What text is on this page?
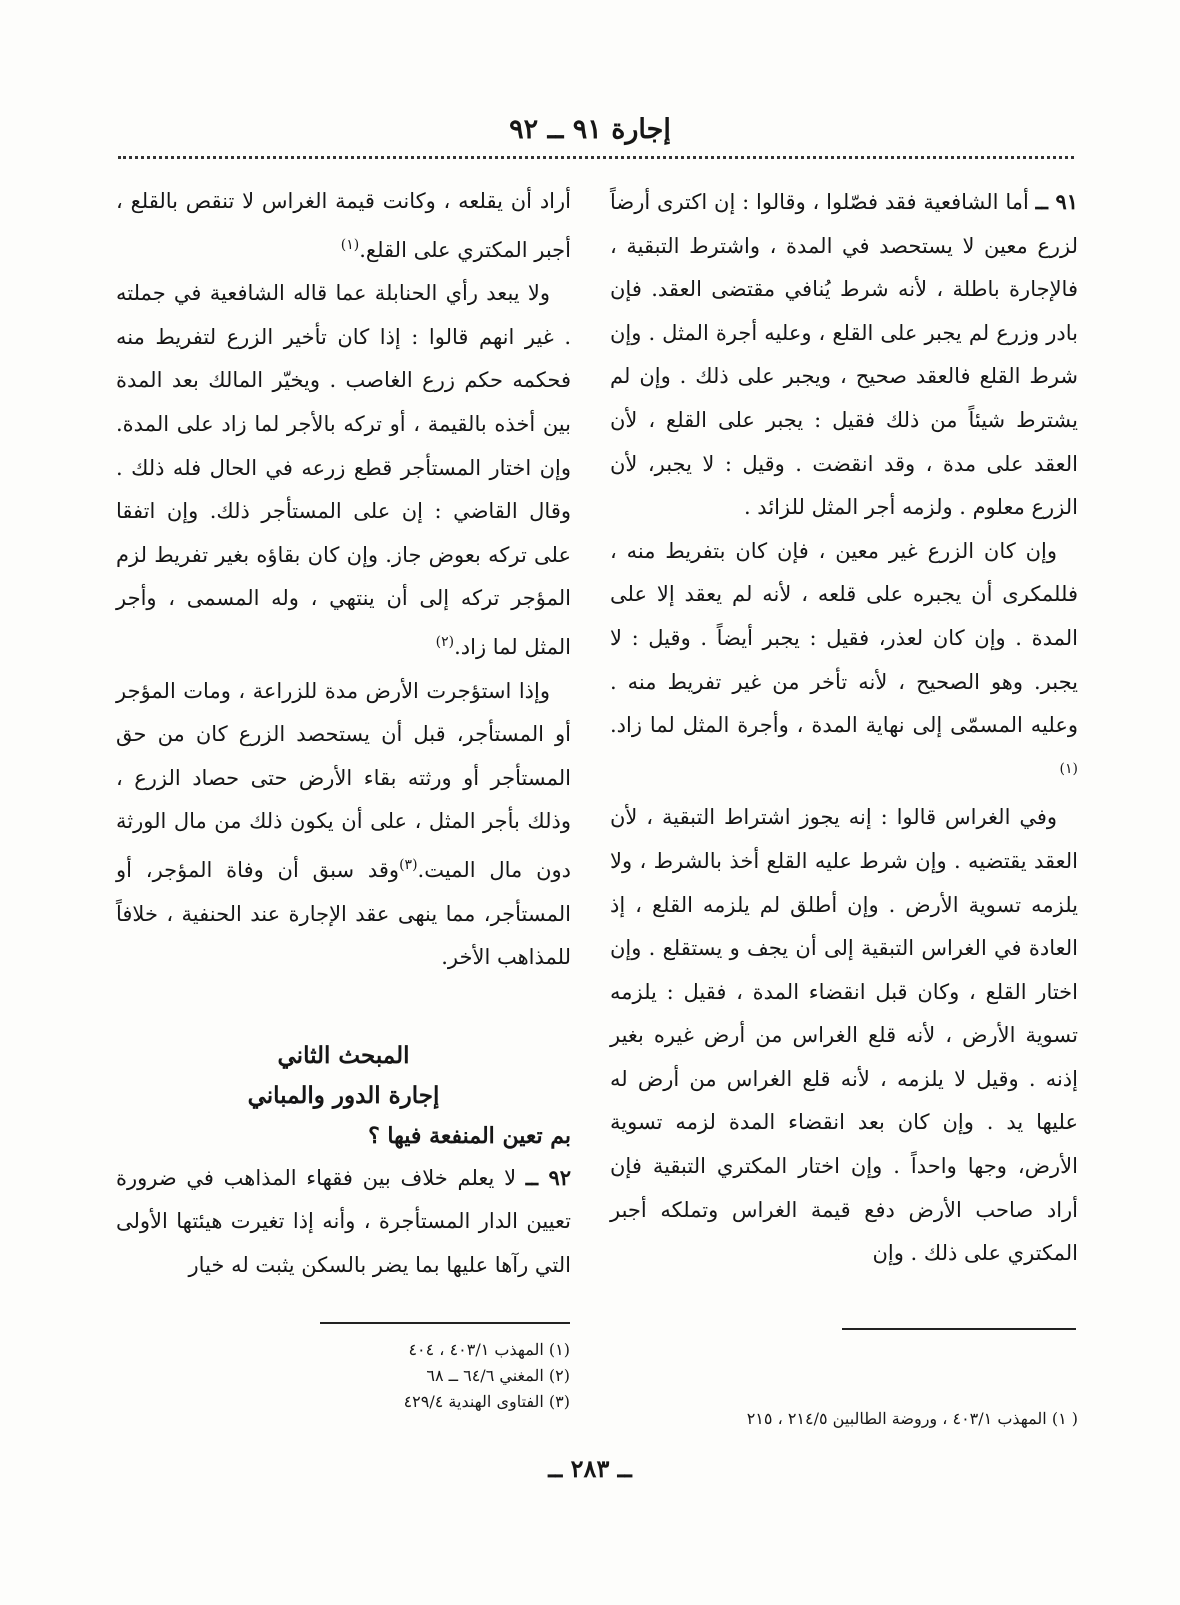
إجارة ٩١ ــ ٩٢

٩١ ــ أما الشافعية فقد فصّلوا ، وقالوا : إن اكترى أرضاً لزرع معين لا يستحصد في المدة ، واشترط التبقية ، فالإجارة باطلة ، لأنه شرط يُنافي مقتضى العقد. فإن بادر وزرع لم يجبر على القلع ، وعليه أجرة المثل . وإن شرط القلع فالعقد صحيح ، ويجبر على ذلك . وإن لم يشترط شيئاً من ذلك فقيل : يجبر على القلع ، لأن العقد على مدة ، وقد انقضت . وقيل : لا يجبر، لأن الزرع معلوم . ولزمه أجر المثل للزائد .

 وإن كان الزرع غير معين ، فإن كان بتفريط منه ، فللمكرى أن يجبره على قلعه ، لأنه لم يعقد إلا على المدة . وإن كان لعذر، فقيل : يجبر أيضاً . وقيل : لا يجبر. وهو الصحيح ، لأنه تأخر من غير تفريط منه . وعليه المسمّى إلى نهاية المدة ، وأجرة المثل لما زاد.$^{(١)}$

 وفي الغراس قالوا : إنه يجوز اشتراط التبقية ، لأن العقد يقتضيه . وإن شرط عليه القلع أخذ بالشرط ، ولا يلزمه تسوية الأرض . وإن أطلق لم يلزمه القلع ، إذ العادة في الغراس التبقية إلى أن يجف و يستقلع . وإن اختار القلع ، وكان قبل انقضاء المدة ، فقيل : يلزمه تسوية الأرض ، لأنه قلع الغراس من أرض غيره بغير إذنه . وقيل لا يلزمه ، لأنه قلع الغراس من أرض له عليها يد . وإن كان بعد انقضاء المدة لزمه تسوية الأرض، وجها واحداً . وإن اختار المكتري التبقية فإن أراد صاحب الأرض دفع قيمة الغراس وتملكه أجبر المكتري على ذلك . وإن

أراد أن يقلعه ، وكانت قيمة الغراس لا تنقص بالقلع ، أجبر المكتري على القلع.$^{(١)}$

 ولا يبعد رأي الحنابلة عما قاله الشافعية في جملته . غير انهم قالوا : إذا كان تأخير الزرع لتفريط منه فحكمه حكم زرع الغاصب . ويخيّر المالك بعد المدة بين أخذه بالقيمة ، أو تركه بالأجر لما زاد على المدة. وإن اختار المستأجر قطع زرعه في الحال فله ذلك . وقال القاضي : إن على المستأجر ذلك. وإن اتفقا على تركه بعوض جاز. وإن كان بقاؤه بغير تفريط لزم المؤجر تركه إلى أن ينتهي ، وله المسمى ، وأجر المثل لما زاد.$^{(٢)}$

 وإذا استؤجرت الأرض مدة للزراعة ، ومات المؤجر أو المستأجر، قبل أن يستحصد الزرع كان من حق المستأجر أو ورثته بقاء الأرض حتى حصاد الزرع ، وذلك بأجر المثل ، على أن يكون ذلك من مال الورثة دون مال الميت.$^{(٣)}$وقد سبق أن وفاة المؤجر، أو المستأجر، مما ينهى عقد الإجارة عند الحنفية ، خلافاً للمذاهب الأخر.

المبحث الثاني
إجارة الدور والمباني
بم تعين المنفعة فيها ؟

٩٢ ــ لا يعلم خلاف بين فقهاء المذاهب في ضرورة تعيين الدار المستأجرة ، وأنه إذا تغيرت هيئتها الأولى التي رآها عليها بما يضر بالسكن يثبت له خيار

( ١) المهذب ٤٠٣/١ ، وروضة الطالبين ٢١٤/٥ ، ٢١٥
(١) المهذب ٤٠٣/١ ، ٤٠٤
(٢) المغني ٦٤/٦ ــ ٦٨
(٣) الفتاوى الهندية ٤٢٩/٤
ــ ٢٨٣ ــ
